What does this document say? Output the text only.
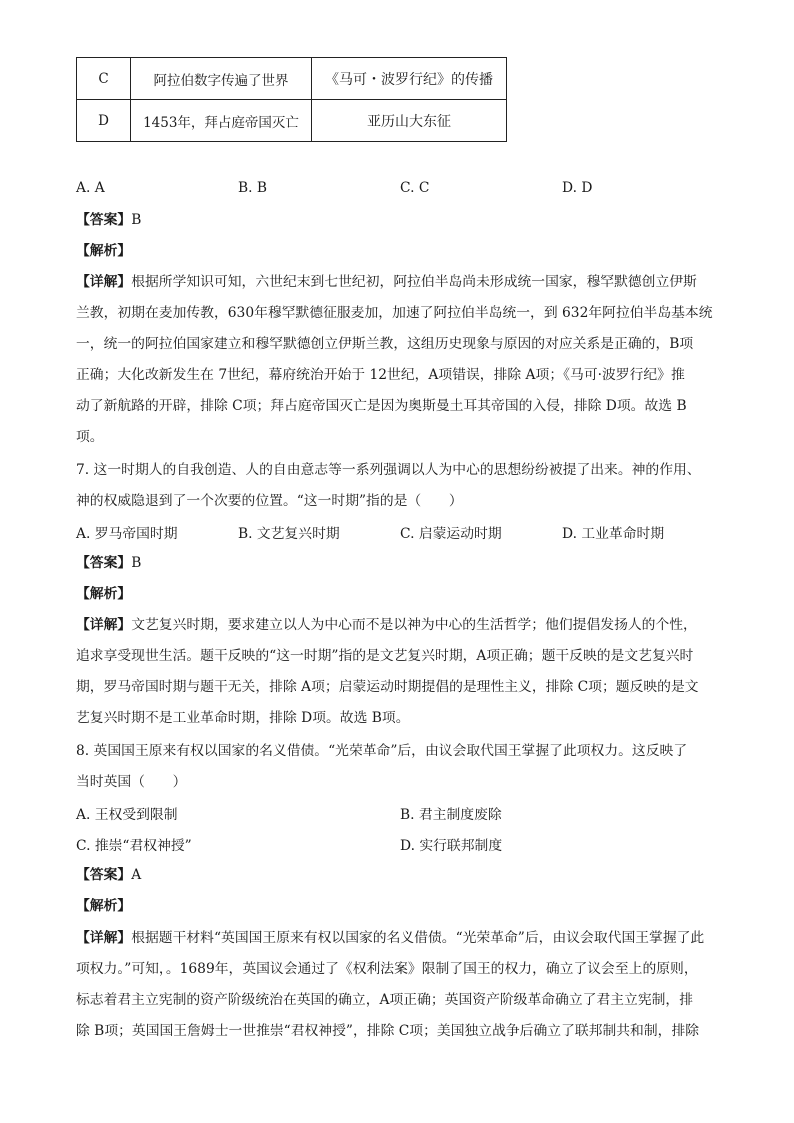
C	阿拉伯数字传遍了世界	《马可・波罗行纪》的传播
D	1453年，拜占庭帝国灭亡	亚历山大东征
A. A	B. B	C. C	D. D
【答案】B
【解析】
【详解】根据所学知识可知，六世纪末到七世纪初，阿拉伯半岛尚未形成统一国家，穆罕默德创立伊斯
兰教，初期在麦加传教，630年穆罕默德征服麦加，加速了阿拉伯半岛统一，到 632年阿拉伯半岛基本统
一，统一的阿拉伯国家建立和穆罕默德创立伊斯兰教，这组历史现象与原因的对应关系是正确的，B项
正确；大化改新发生在 7世纪，幕府统治开始于 12世纪，A项错误，排除 A项；《马可·波罗行纪》推
动了新航路的开辟，排除 C项；拜占庭帝国灭亡是因为奥斯曼土耳其帝国的入侵，排除 D项。故选 B
项。
7. 这一时期人的自我创造、人的自由意志等一系列强调以人为中心的思想纷纷被提了出来。神的作用、
神的权威隐退到了一个次要的位置。“这一时期”指的是（　　）
A. 罗马帝国时期	B. 文艺复兴时期	C. 启蒙运动时期	D. 工业革命时期
【答案】B
【解析】
【详解】文艺复兴时期，要求建立以人为中心而不是以神为中心的生活哲学；他们提倡发扬人的个性，
追求享受现世生活。题干反映的“这一时期”指的是文艺复兴时期，A项正确；题干反映的是文艺复兴时
期，罗马帝国时期与题干无关，排除 A项；启蒙运动时期提倡的是理性主义，排除 C项；题反映的是文
艺复兴时期不是工业革命时期，排除 D项。故选 B项。
8. 英国国王原来有权以国家的名义借债。“光荣革命”后，由议会取代国王掌握了此项权力。这反映了
当时英国（　　）
A. 王权受到限制	B. 君主制度废除
C. 推崇“君权神授”	D. 实行联邦制度
【答案】A
【解析】
【详解】根据题干材料“英国国王原来有权以国家的名义借债。“光荣革命”后，由议会取代国王掌握了此
项权力。”可知，。1689年，英国议会通过了《权利法案》限制了国王的权力，确立了议会至上的原则，
标志着君主立宪制的资产阶级统治在英国的确立，A项正确；英国资产阶级革命确立了君主立宪制，排
除 B项；英国国王詹姆士一世推崇“君权神授”，排除 C项；美国独立战争后确立了联邦制共和制，排除
